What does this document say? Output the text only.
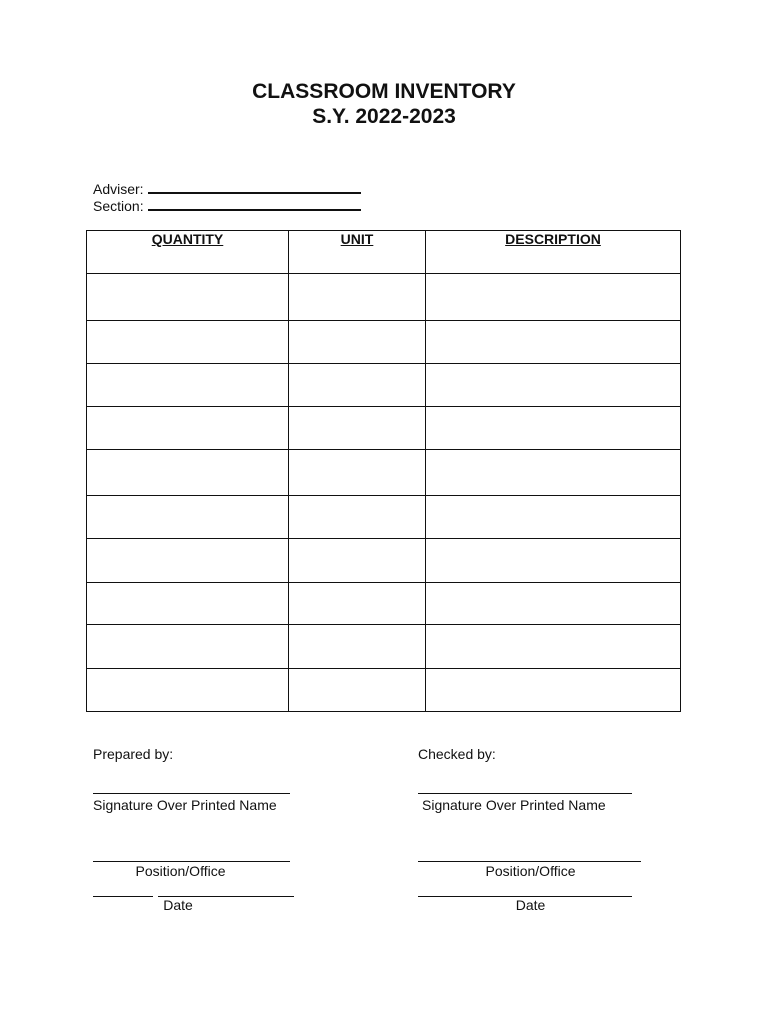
CLASSROOM INVENTORY
S.Y. 2022-2023
Adviser:
Section:
QUANTITY	UNIT	DESCRIPTION

Prepared by:
Signature Over Printed Name
Position/Office
Date
Checked by:
Signature Over Printed Name
Position/Office
Date
